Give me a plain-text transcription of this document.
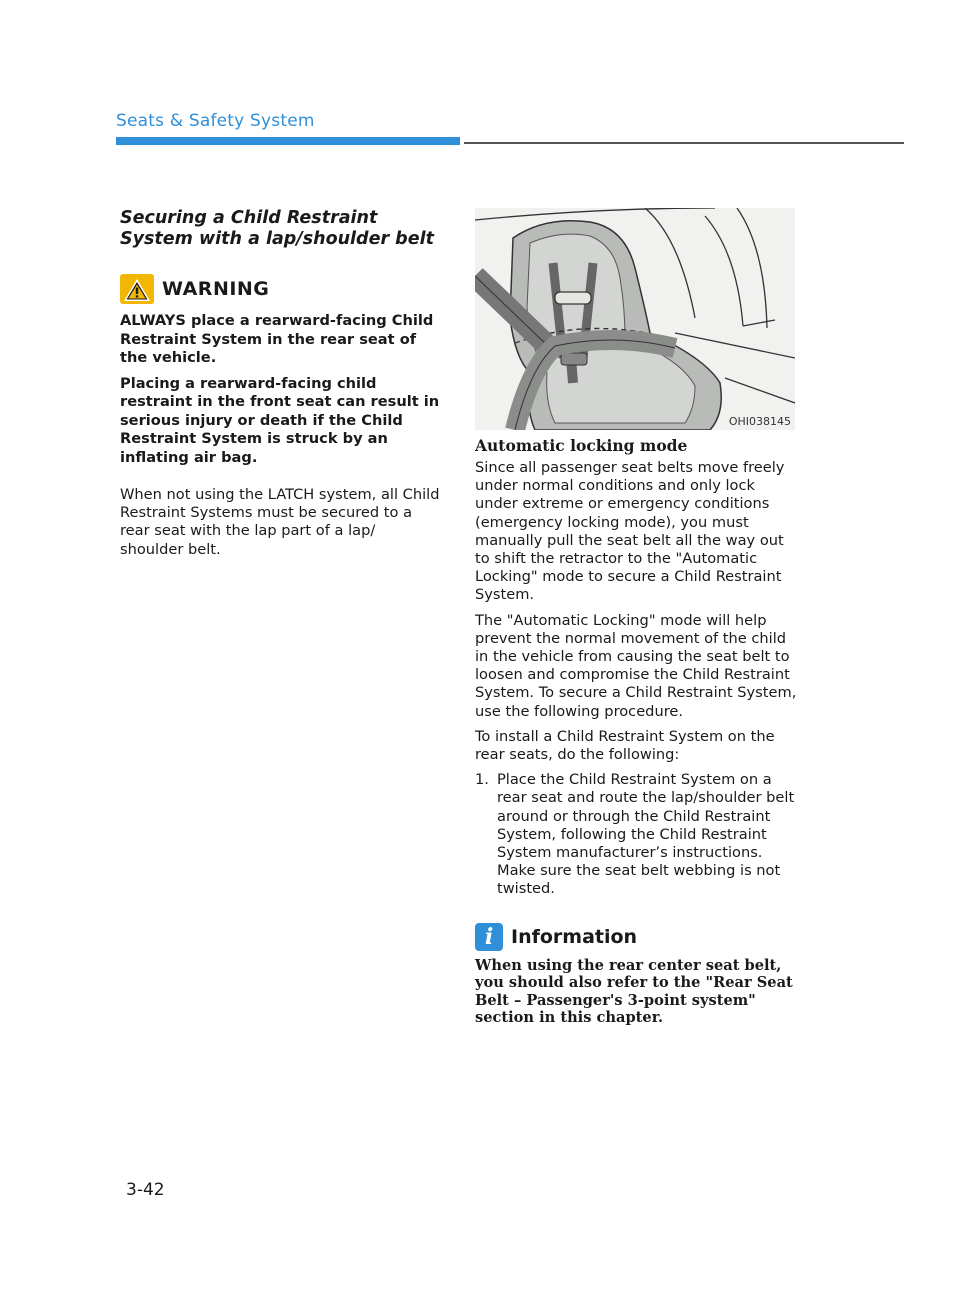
Seats & Safety System
Securing a Child Restraint System with a lap/shoulder belt
WARNING

ALWAYS place a rearward-facing Child Restraint System in the rear seat of the vehicle.

Placing a rearward-facing child restraint in the front seat can result in serious injury or death if the Child Restraint System is struck by an inflating air bag.

When not using the LATCH system, all Child Restraint Systems must be secured to a rear seat with the lap part of a lap/ shoulder belt.

OHI038145
Automatic locking mode

Since all passenger seat belts move freely under normal conditions and only lock under extreme or emergency conditions (emergency locking mode), you must manually pull the seat belt all the way out to shift the retractor to the "Automatic Locking" mode to secure a Child Restraint System.

The "Automatic Locking" mode will help prevent the normal movement of the child in the vehicle from causing the seat belt to loosen and compromise the Child Restraint System. To secure a Child Restraint System, use the following procedure.

To install a Child Restraint System on the rear seats, do the following:

1. Place the Child Restraint System on a rear seat and route the lap/shoulder belt around or through the Child Restraint System, following the Child Restraint System manufacturer’s instructions. Make sure the seat belt webbing is not twisted.
i Information

When using the rear center seat belt, you should also refer to the "Rear Seat Belt – Passenger's 3-point system" section in this chapter.

3-42
